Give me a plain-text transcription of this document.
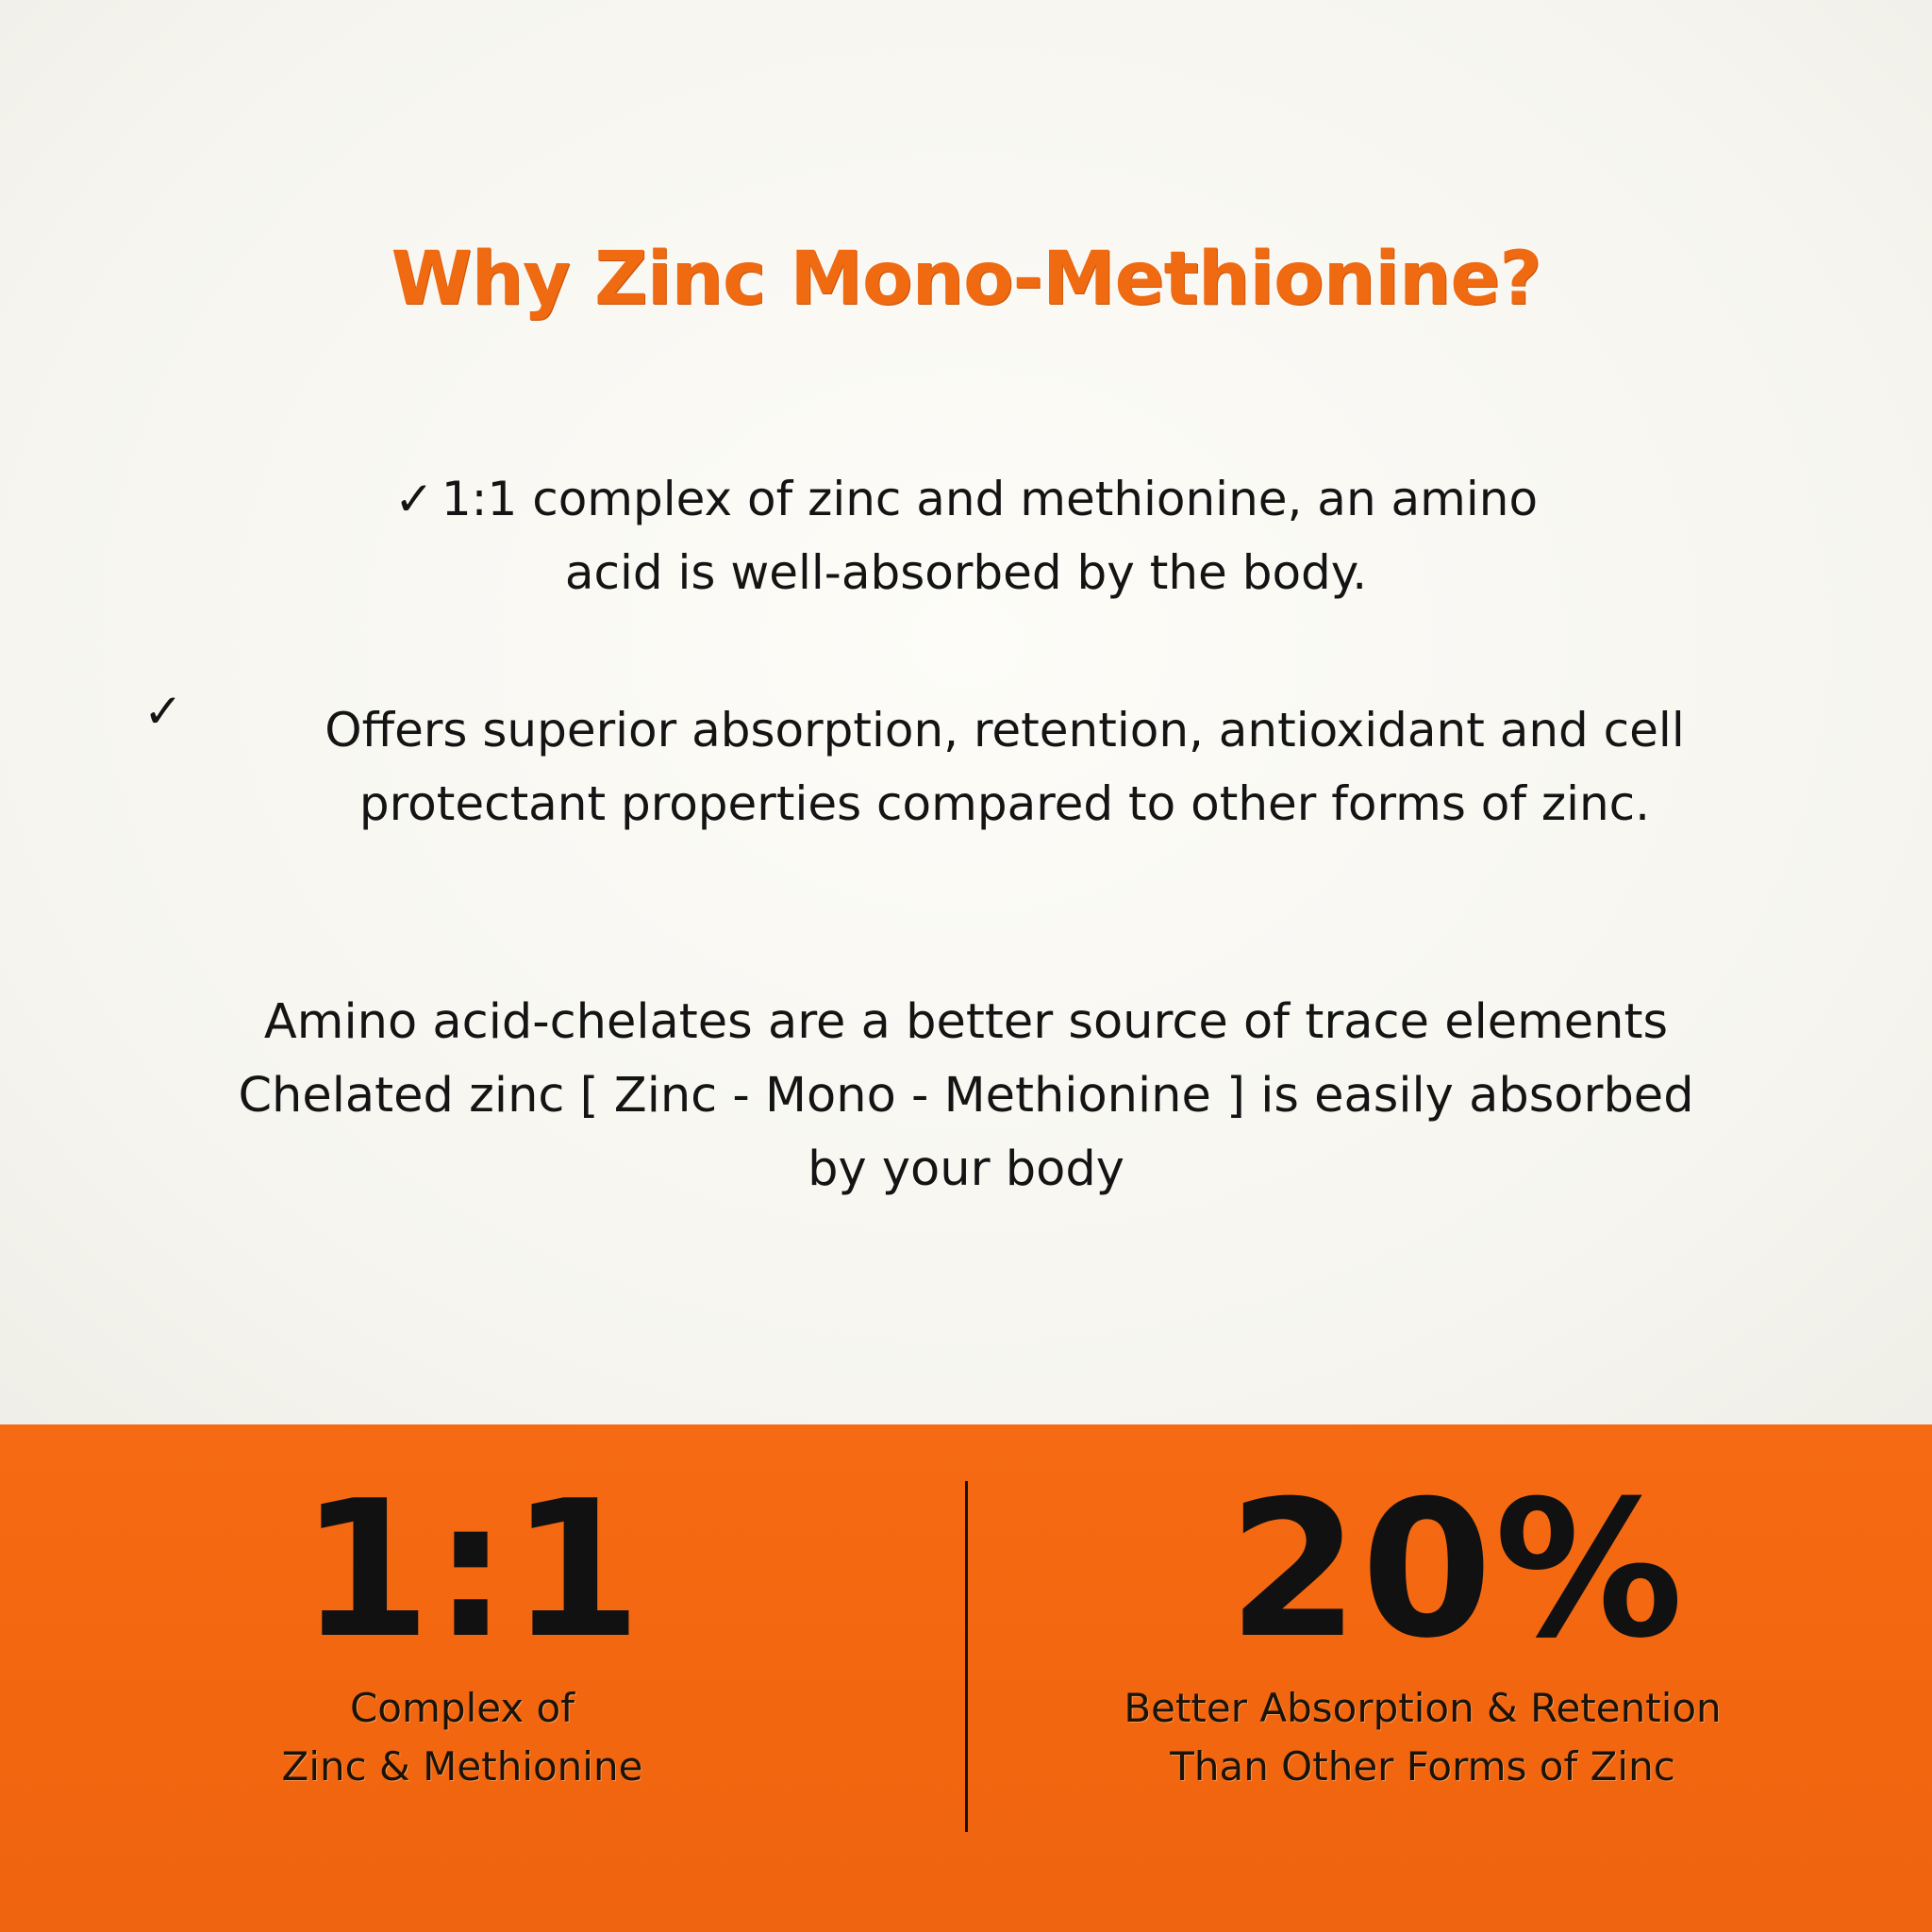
Why Zinc Mono-Methionine?
✓ 1:1 complex of zinc and methionine, an amino
acid is well-absorbed by the body.
✓	Offers superior absorption, retention, antioxidant and cell
protectant properties compared to other forms of zinc.
Amino acid-chelates are a better source of trace elements
Chelated zinc [ Zinc - Mono - Methionine ] is easily absorbed
by your body
1:1
Complex of
Zinc & Methionine
20%
Better Absorption & Retention
Than Other Forms of Zinc
